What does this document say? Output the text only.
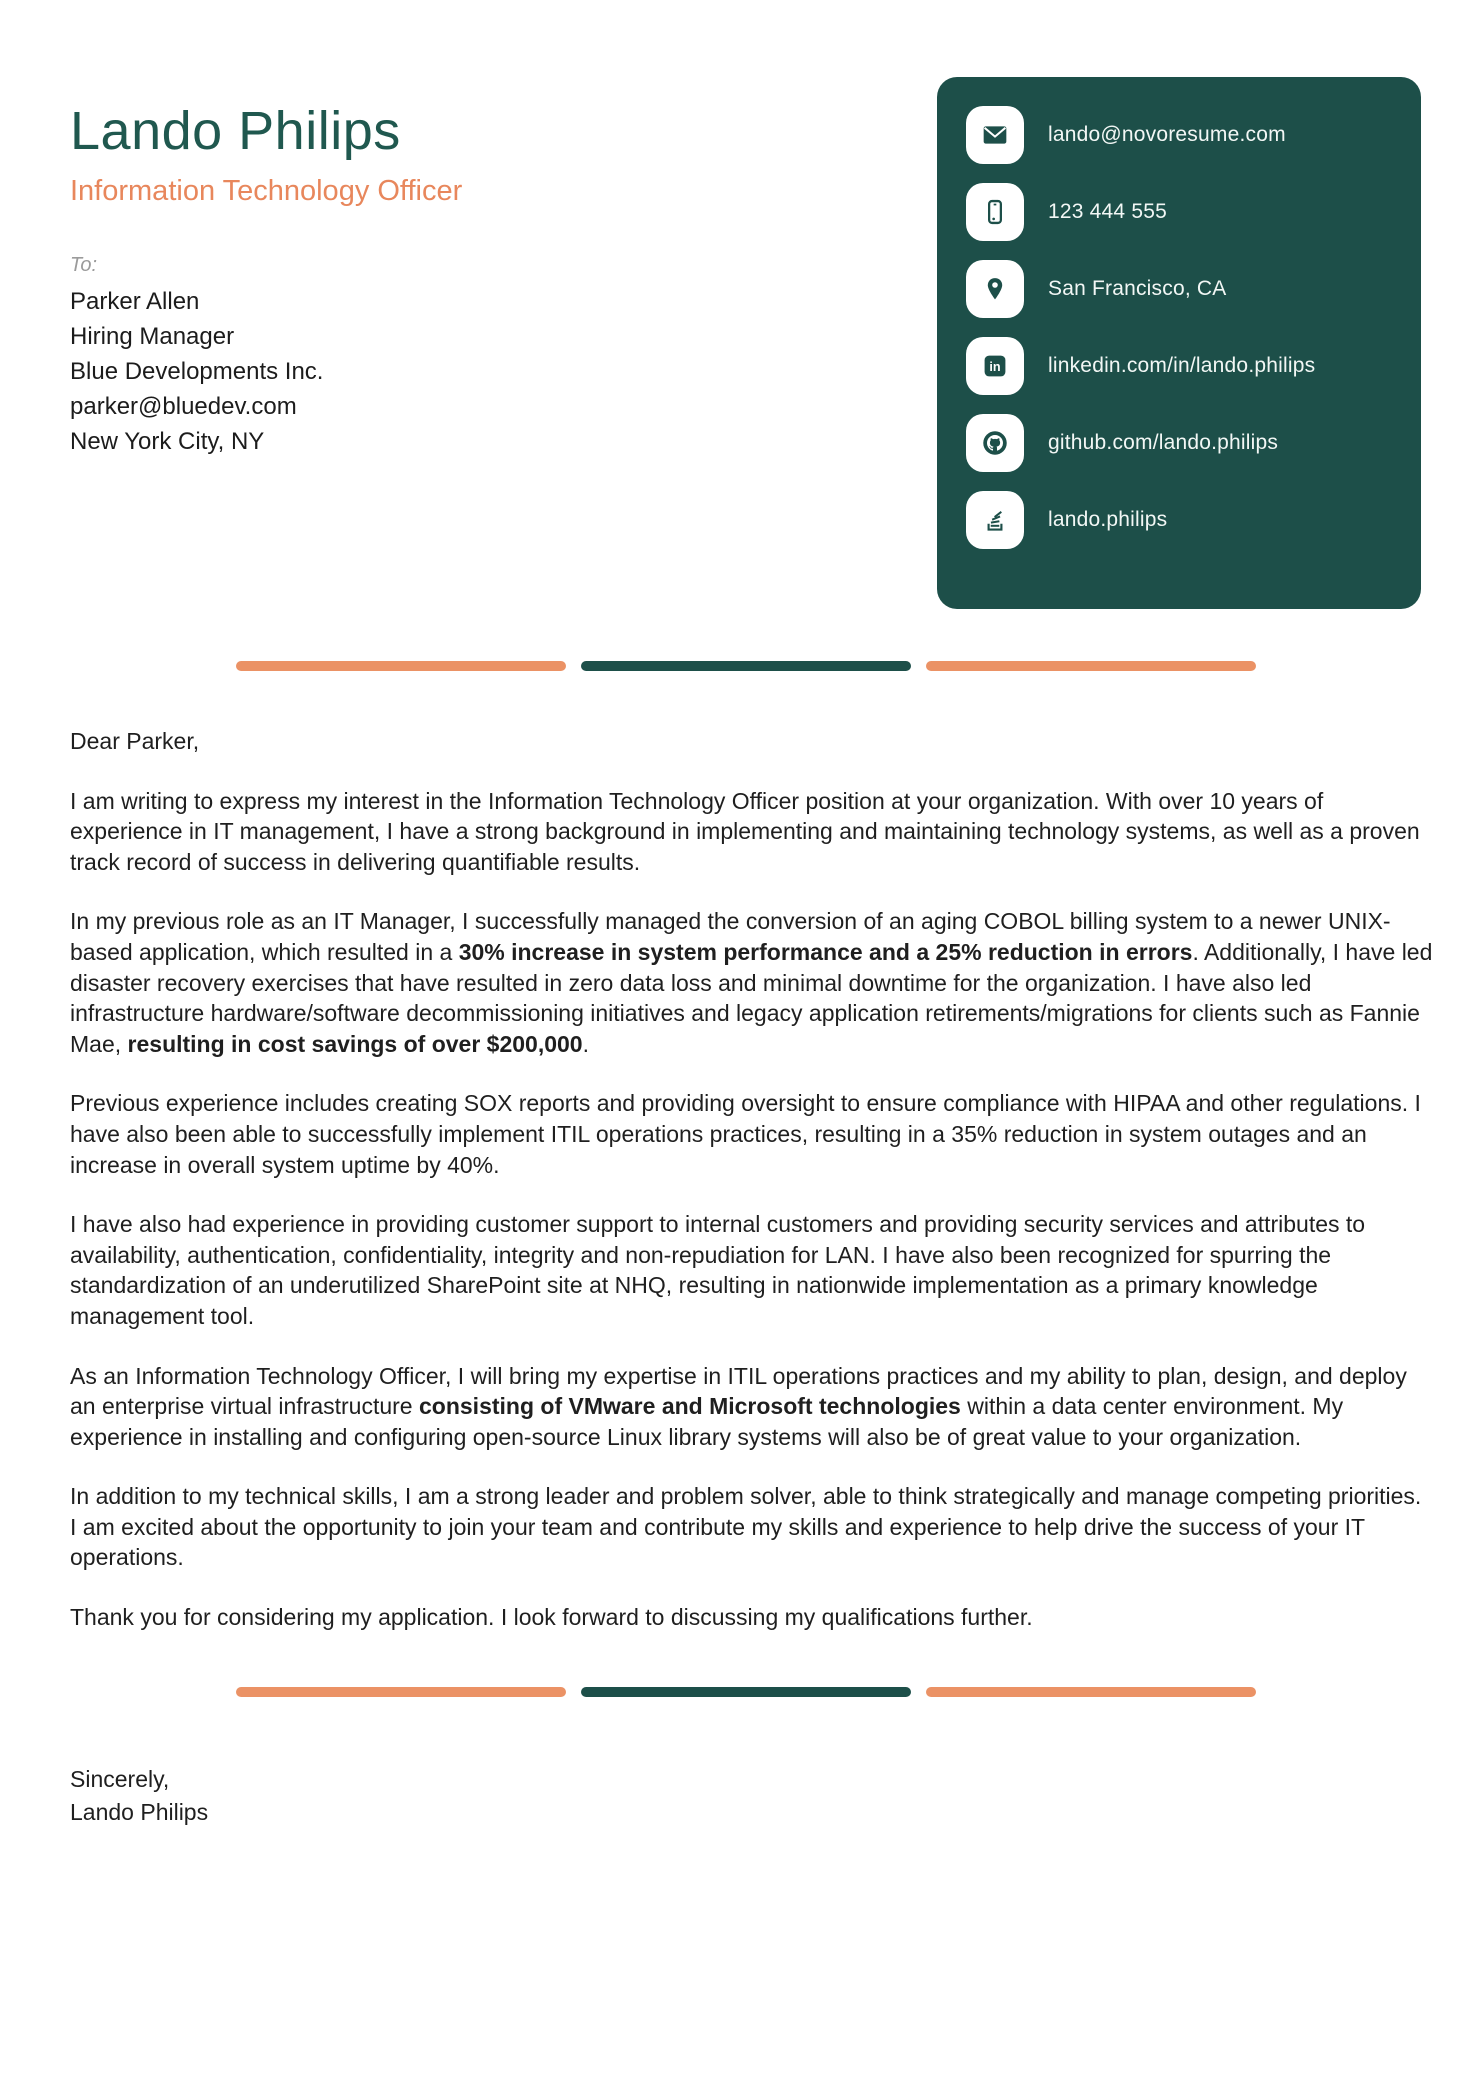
Lando Philips
Information Technology Officer
To:
Parker Allen
Hiring Manager
Blue Developments Inc.
parker@bluedev.com
New York City, NY
lando@novoresume.com
123 444 555
San Francisco, CA
in linkedin.com/in/lando.philips
github.com/lando.philips
lando.philips

Dear Parker,

I am writing to express my interest in the Information Technology Officer position at your organization. With over 10 years of experience in IT management, I have a strong background in implementing and maintaining technology systems, as well as a proven track record of success in delivering quantifiable results.

In my previous role as an IT Manager, I successfully managed the conversion of an aging COBOL billing system to a newer UNIX-based application, which resulted in a 30% increase in system performance and a 25% reduction in errors. Additionally, I have led disaster recovery exercises that have resulted in zero data loss and minimal downtime for the organization. I have also led infrastructure hardware/software decommissioning initiatives and legacy application retirements/migrations for clients such as Fannie Mae, resulting in cost savings of over $200,000.

Previous experience includes creating SOX reports and providing oversight to ensure compliance with HIPAA and other regulations. I have also been able to successfully implement ITIL operations practices, resulting in a 35% reduction in system outages and an increase in overall system uptime by 40%.

I have also had experience in providing customer support to internal customers and providing security services and attributes to availability, authentication, confidentiality, integrity and non-repudiation for LAN. I have also been recognized for spurring the standardization of an underutilized SharePoint site at NHQ, resulting in nationwide implementation as a primary knowledge management tool.

As an Information Technology Officer, I will bring my expertise in ITIL operations practices and my ability to plan, design, and deploy an enterprise virtual infrastructure consisting of VMware and Microsoft technologies within a data center environment. My experience in installing and configuring open-source Linux library systems will also be of great value to your organization.

In addition to my technical skills, I am a strong leader and problem solver, able to think strategically and manage competing priorities. I am excited about the opportunity to join your team and contribute my skills and experience to help drive the success of your IT operations.

Thank you for considering my application. I look forward to discussing my qualifications further.

Sincerely,
Lando Philips
